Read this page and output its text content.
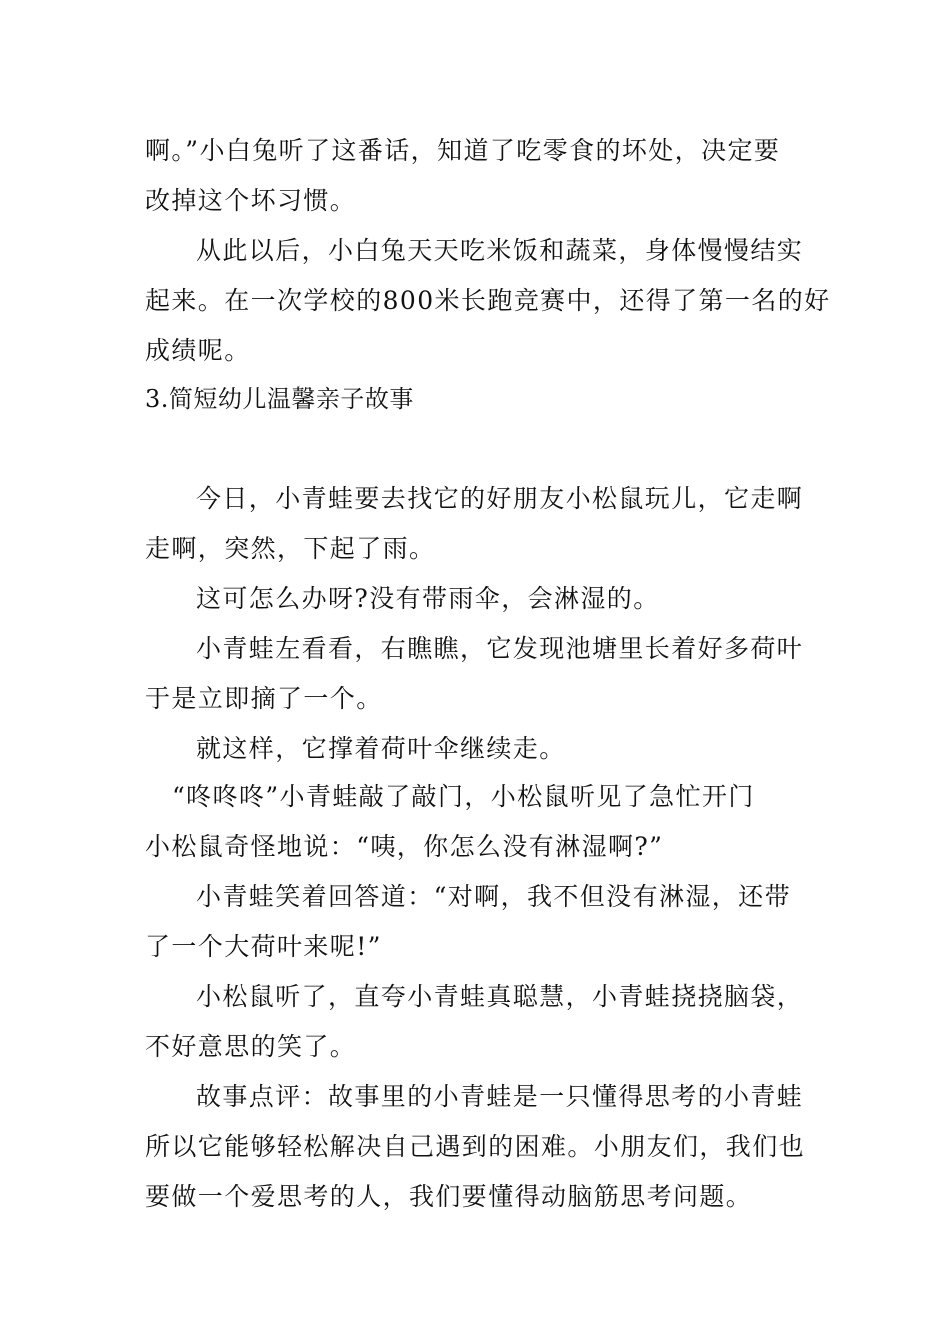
啊。”小白兔听了这番话，知道了吃零食的坏处，决定要
改掉这个坏习惯。
从此以后，小白兔天天吃米饭和蔬菜，身体慢慢结实
起来。在一次学校的800米长跑竞赛中，还得了第一名的好
成绩呢。
3.简短幼儿温馨亲子故事
今日，小青蛙要去找它的好朋友小松鼠玩儿，它走啊
走啊，突然，下起了雨。
这可怎么办呀?没有带雨伞，会淋湿的。
小青蛙左看看，右瞧瞧，它发现池塘里长着好多荷叶
于是立即摘了一个。
就这样，它撑着荷叶伞继续走。
“咚咚咚”小青蛙敲了敲门，小松鼠听见了急忙开门
小松鼠奇怪地说：“咦，你怎么没有淋湿啊?”
小青蛙笑着回答道：“对啊，我不但没有淋湿，还带
了一个大荷叶来呢!”
小松鼠听了，直夸小青蛙真聪慧，小青蛙挠挠脑袋，
不好意思的笑了。
故事点评：故事里的小青蛙是一只懂得思考的小青蛙
所以它能够轻松解决自己遇到的困难。小朋友们，我们也
要做一个爱思考的人，我们要懂得动脑筋思考问题。
